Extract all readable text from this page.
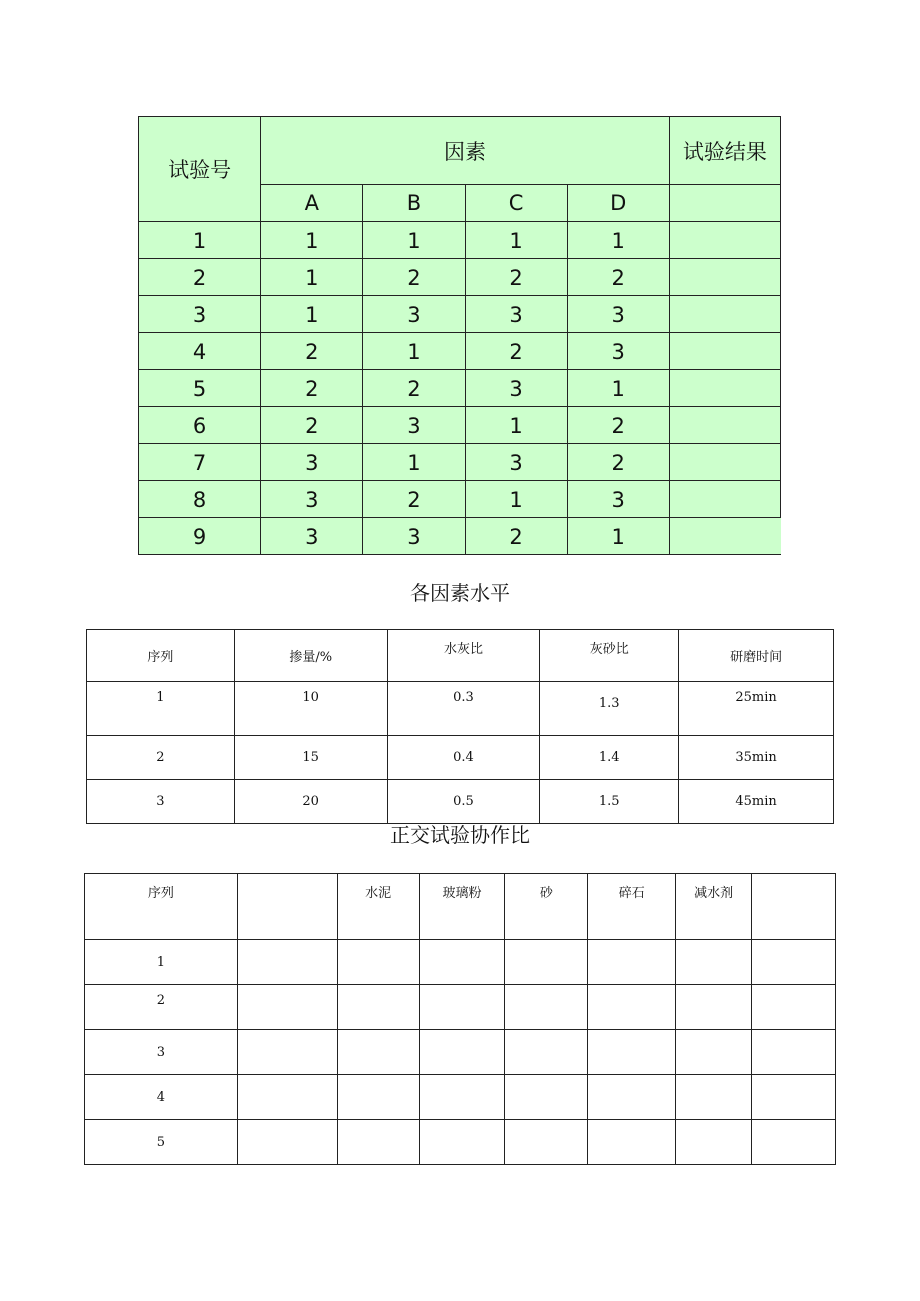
试验号	因素				试验结果
	A	B	C	D	
1	1	1	1	1	
2	1	2	2	2	
3	1	3	3	3	
4	2	1	2	3	
5	2	2	3	1	
6	2	3	1	2	
7	3	1	3	2	
8	3	2	1	3	
9	3	3	2	1	
各因素水平
序列	掺量/%	水灰比	灰砂比	研磨时间
1	10	0.3	1.3	25min
2	15	0.4	1.4	35min
3	20	0.5	1.5	45min
正交试验协作比
序列		水泥	玻璃粉	砂	碎石	减水剂	
1							
2							
3							
4							
5							
